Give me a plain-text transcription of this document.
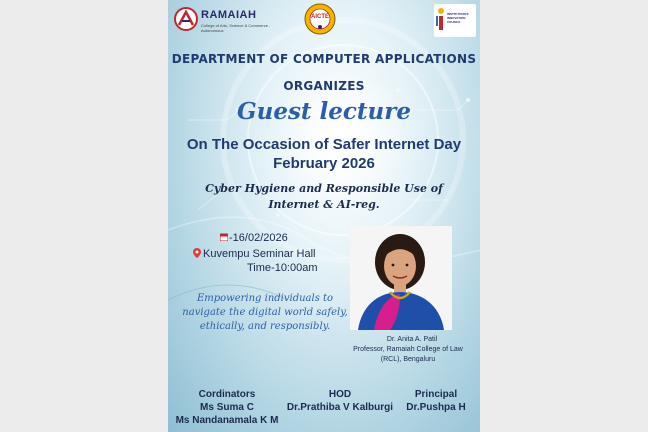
RAMAIAH
College of Arts, Science & Commerce - Autonomous
AICTE	INSTITUTION'S INNOVATION COUNCIL
DEPARTMENT OF COMPUTER APPLICATIONS
ORGANIZES
Guest lecture
On The Occasion of Safer Internet Day
February 2026
Cyber Hygiene and Responsible Use of
Internet & AI-reg.
-16/02/2026
Kuvempu Seminar Hall
Time-10:00am
Empowering individuals to
navigate the digital world safely,
ethically, and responsibly.
Dr. Anita A. Patil
Professor, Ramaiah College of Law
(RCL), Bengaluru
Cordinators
Ms Suma C
Ms Nandanamala K M
HOD
Dr.Prathiba V Kalburgi
Principal
Dr.Pushpa H
